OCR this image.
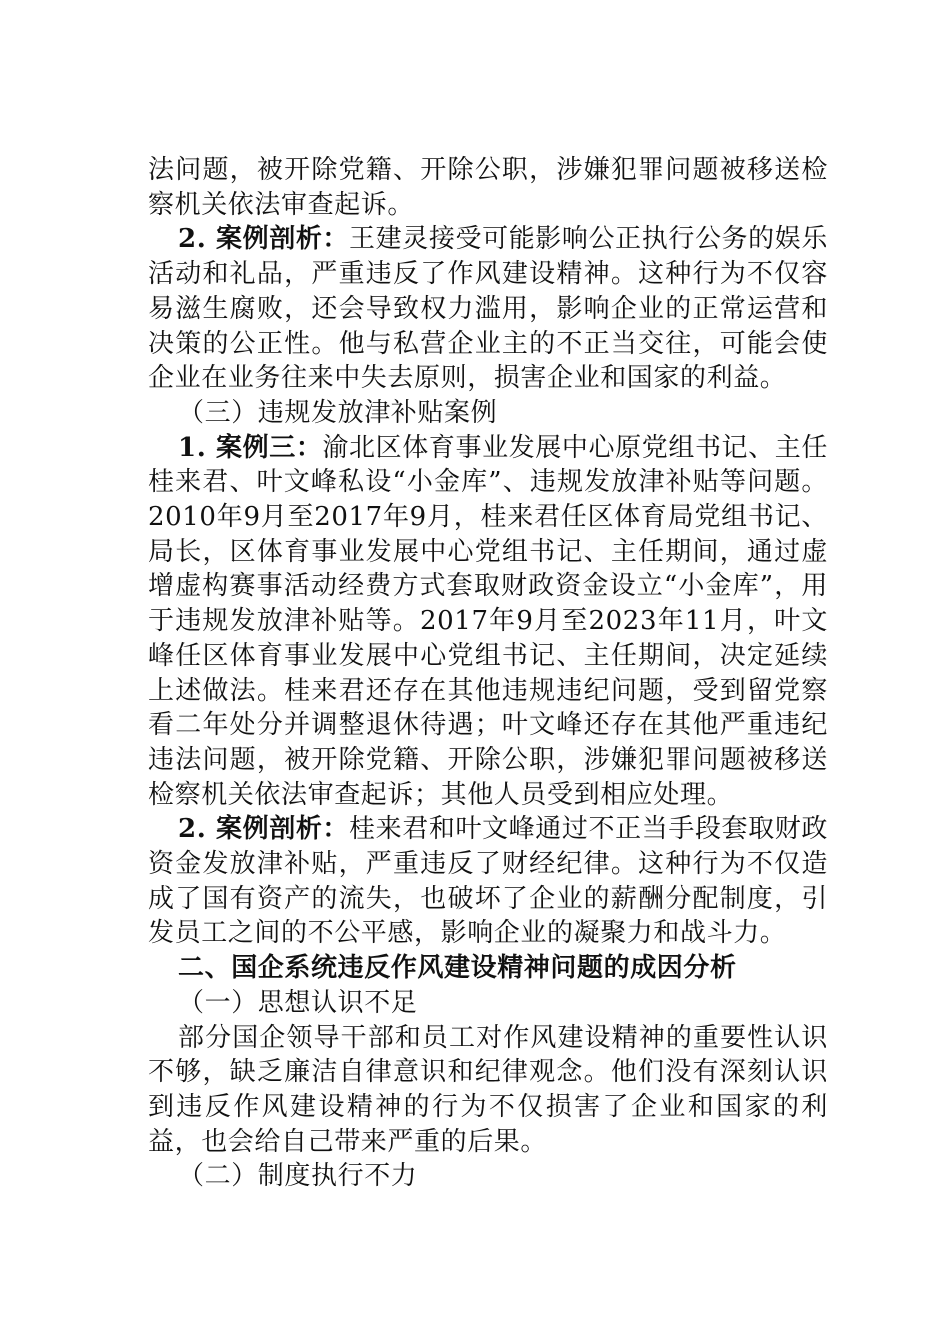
法问题，被开除党籍、开除公职，涉嫌犯罪问题被移送检察机关依法审查起诉。

2. 案例剖析：王建灵接受可能影响公正执行公务的娱乐活动和礼品，严重违反了作风建设精神。这种行为不仅容易滋生腐败，还会导致权力滥用，影响企业的正常运营和决策的公正性。他与私营企业主的不正当交往，可能会使企业在业务往来中失去原则，损害企业和国家的利益。

（三）违规发放津补贴案例

1. 案例三：渝北区体育事业发展中心原党组书记、主任桂来君、叶文峰私设“小金库”、违规发放津补贴等问题。2010年9月至2017年9月，桂来君任区体育局党组书记、局长，区体育事业发展中心党组书记、主任期间，通过虚增虚构赛事活动经费方式套取财政资金设立“小金库”，用于违规发放津补贴等。2017年9月至2023年11月，叶文峰任区体育事业发展中心党组书记、主任期间，决定延续上述做法。桂来君还存在其他违规违纪问题，受到留党察看二年处分并调整退休待遇；叶文峰还存在其他严重违纪违法问题，被开除党籍、开除公职，涉嫌犯罪问题被移送检察机关依法审查起诉；其他人员受到相应处理。

2. 案例剖析：桂来君和叶文峰通过不正当手段套取财政资金发放津补贴，严重违反了财经纪律。这种行为不仅造成了国有资产的流失，也破坏了企业的薪酬分配制度，引发员工之间的不公平感，影响企业的凝聚力和战斗力。

二、国企系统违反作风建设精神问题的成因分析

（一）思想认识不足

部分国企领导干部和员工对作风建设精神的重要性认识不够，缺乏廉洁自律意识和纪律观念。他们没有深刻认识到违反作风建设精神的行为不仅损害了企业和国家的利益，也会给自己带来严重的后果。

（二）制度执行不力
